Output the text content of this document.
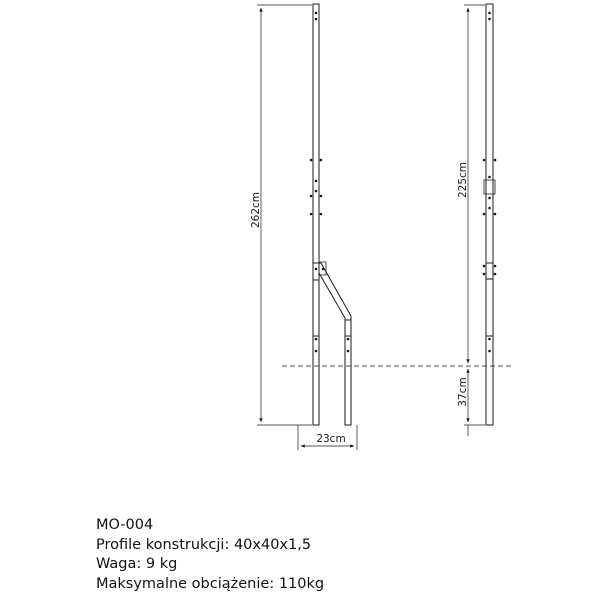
262cm
23cm
225cm
37cm
MO-004
Profile konstrukcji: 40x40x1,5
Waga: 9 kg
Maksymalne obciążenie: 110kg
